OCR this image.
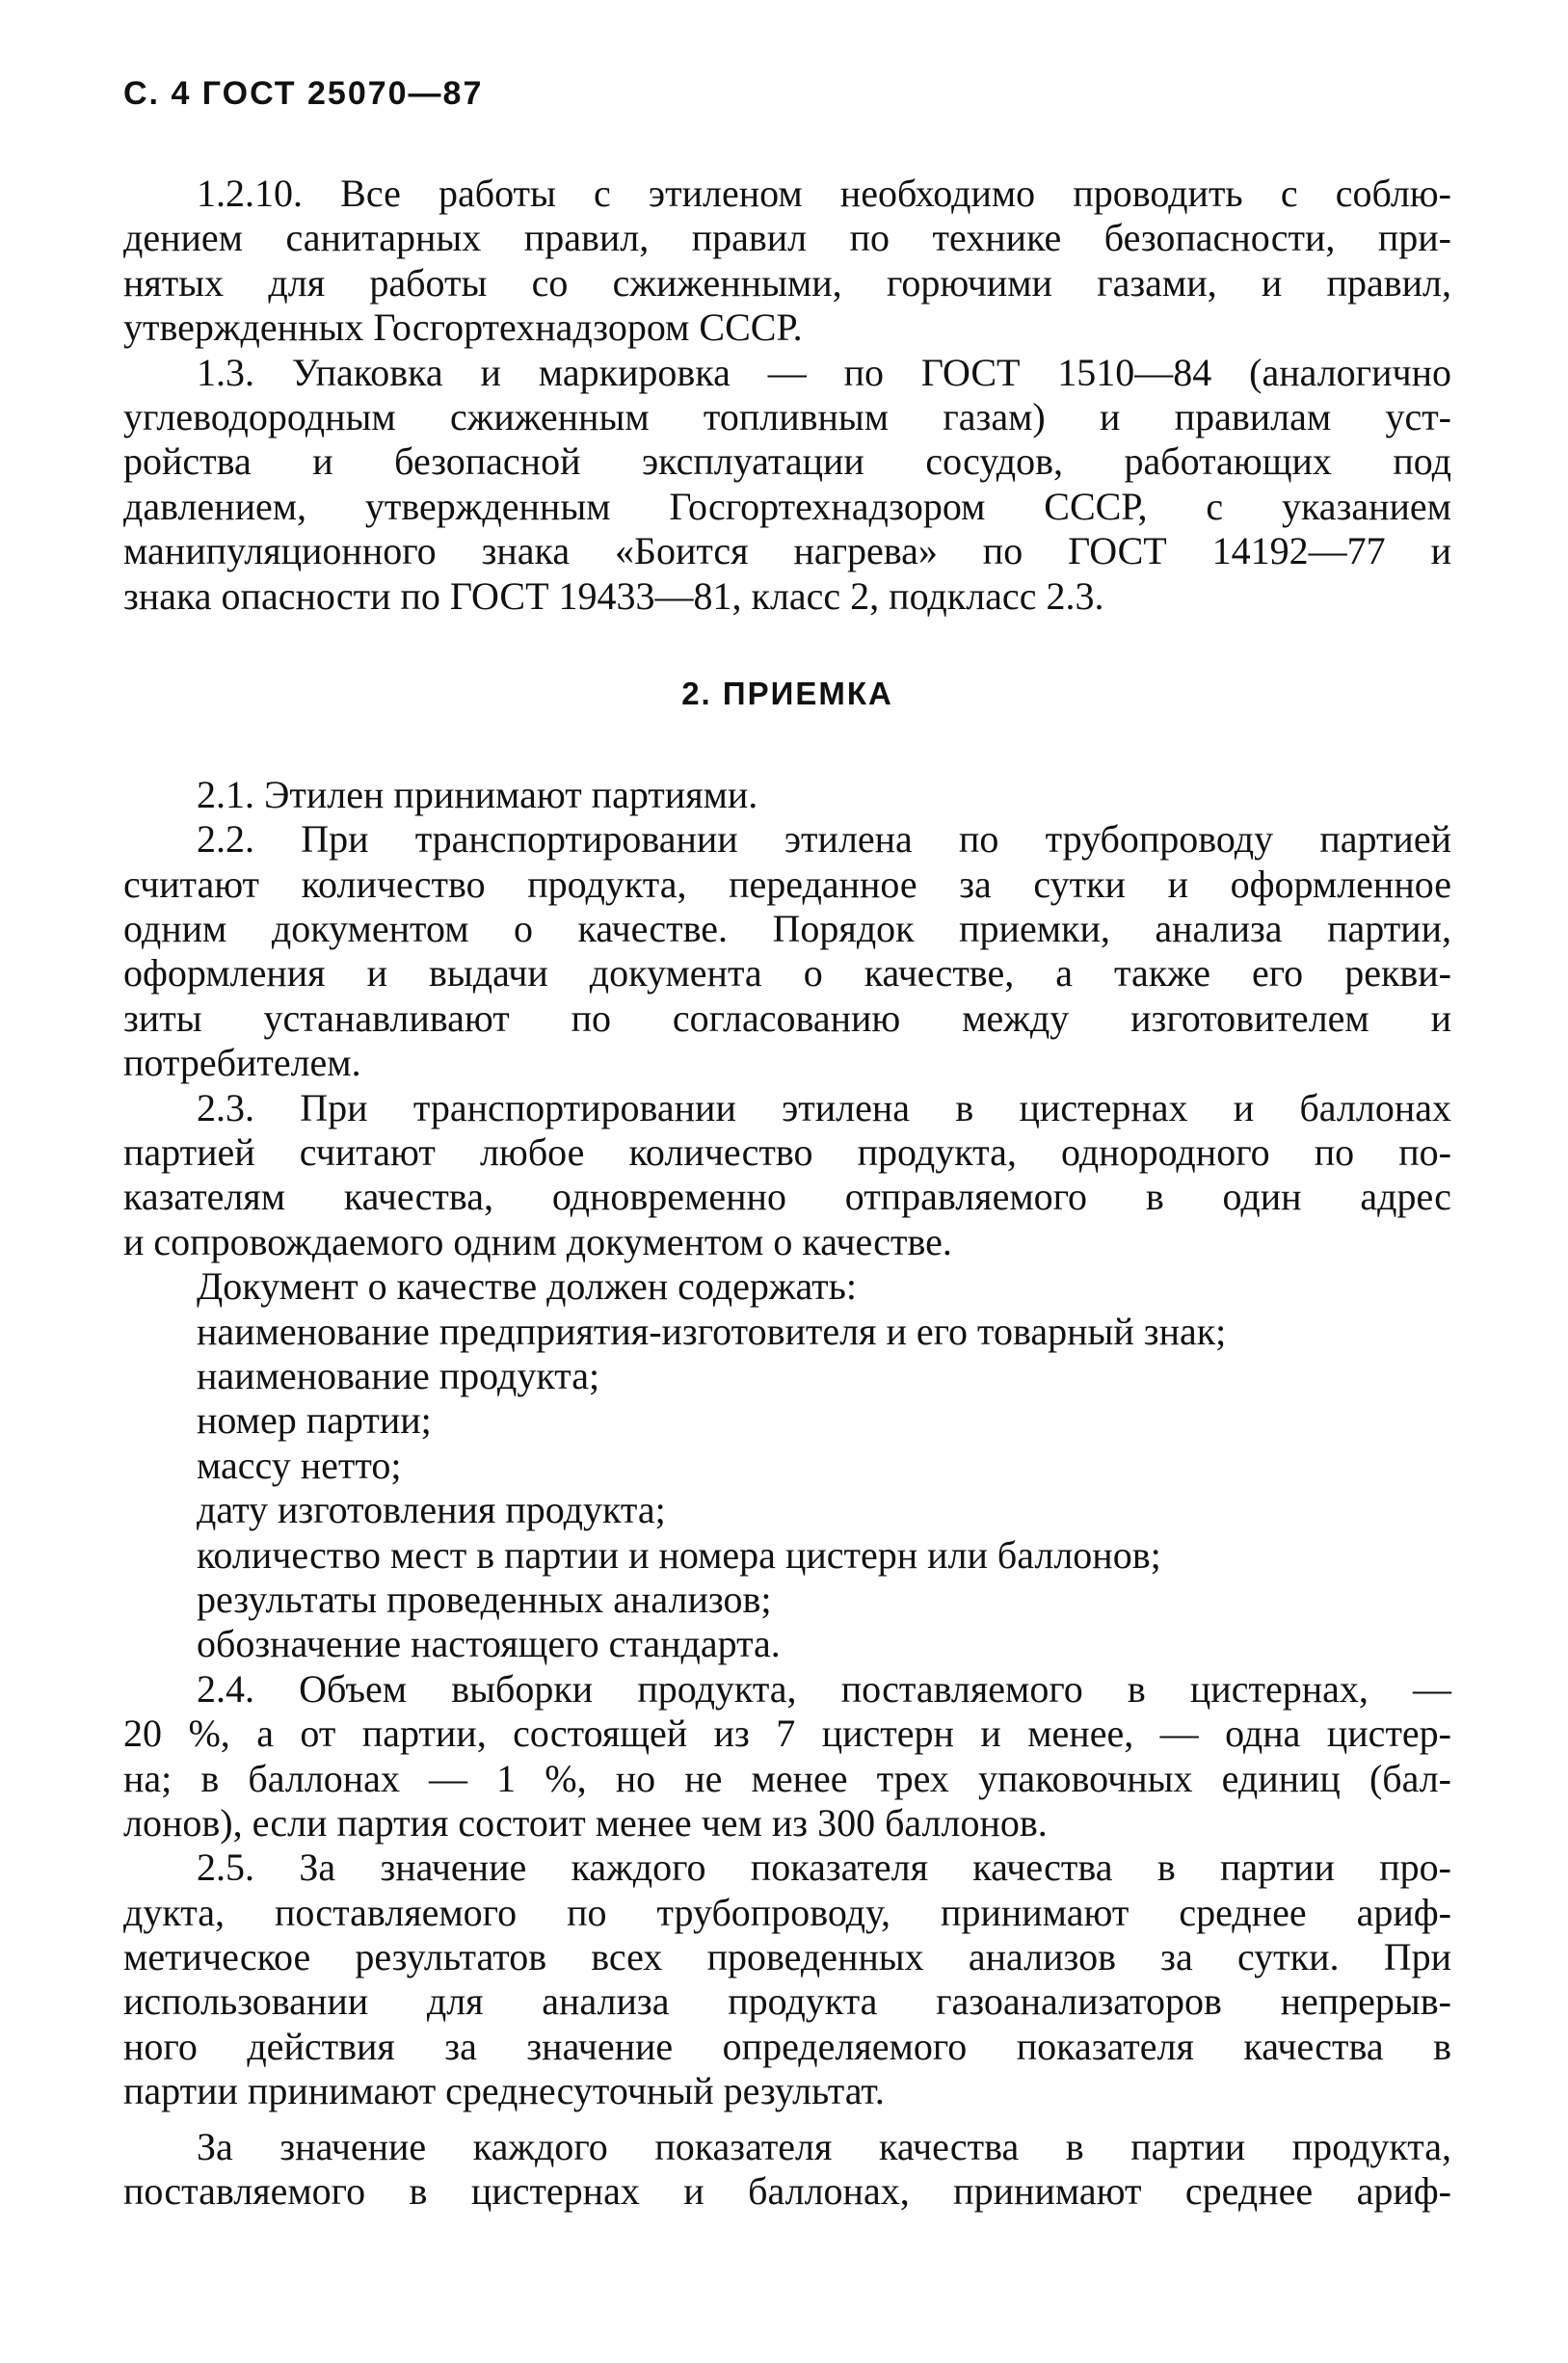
С. 4 ГОСТ 25070—87
1.2.10. Все работы с этиленом необходимо проводить с соблю-
дением санитарных правил, правил по технике безопасности, при-
нятых для работы со сжиженными, горючими газами, и правил,
утвержденных Госгортехнадзором СССР.
1.3. Упаковка и маркировка — по ГОСТ 1510—84 (аналогично
углеводородным сжиженным топливным газам) и правилам уст-
ройства и безопасной эксплуатации сосудов, работающих под
давлением, утвержденным Госгортехнадзором СССР, с указанием
манипуляционного знака «Боится нагрева» по ГОСТ 14192—77 и
знака опасности по ГОСТ 19433—81, класс 2, подкласс 2.3.
2. ПРИЕМКА
2.1. Этилен принимают партиями.
2.2. При транспортировании этилена по трубопроводу партией
считают количество продукта, переданное за сутки и оформленное
одним документом о качестве. Порядок приемки, анализа партии,
оформления и выдачи документа о качестве, а также его рекви-
зиты устанавливают по согласованию между изготовителем и
потребителем.
2.3. При транспортировании этилена в цистернах и баллонах
партией считают любое количество продукта, однородного по по-
казателям качества, одновременно отправляемого в один адрес
и сопровождаемого одним документом о качестве.
Документ о качестве должен содержать:
наименование предприятия-изготовителя и его товарный знак;
наименование продукта;
номер партии;
массу нетто;
дату изготовления продукта;
количество мест в партии и номера цистерн или баллонов;
результаты проведенных анализов;
обозначение настоящего стандарта.
2.4. Объем выборки продукта, поставляемого в цистернах, —
20 %, а от партии, состоящей из 7 цистерн и менее, — одна цистер-
на; в баллонах — 1 %, но не менее трех упаковочных единиц (бал-
лонов), если партия состоит менее чем из 300 баллонов.
2.5. За значение каждого показателя качества в партии про-
дукта, поставляемого по трубопроводу, принимают среднее ариф-
метическое результатов всех проведенных анализов за сутки. При
использовании для анализа продукта газоанализаторов непрерыв-
ного действия за значение определяемого показателя качества в
партии принимают среднесуточный результат.
За значение каждого показателя качества в партии продукта,
поставляемого в цистернах и баллонах, принимают среднее ариф-
